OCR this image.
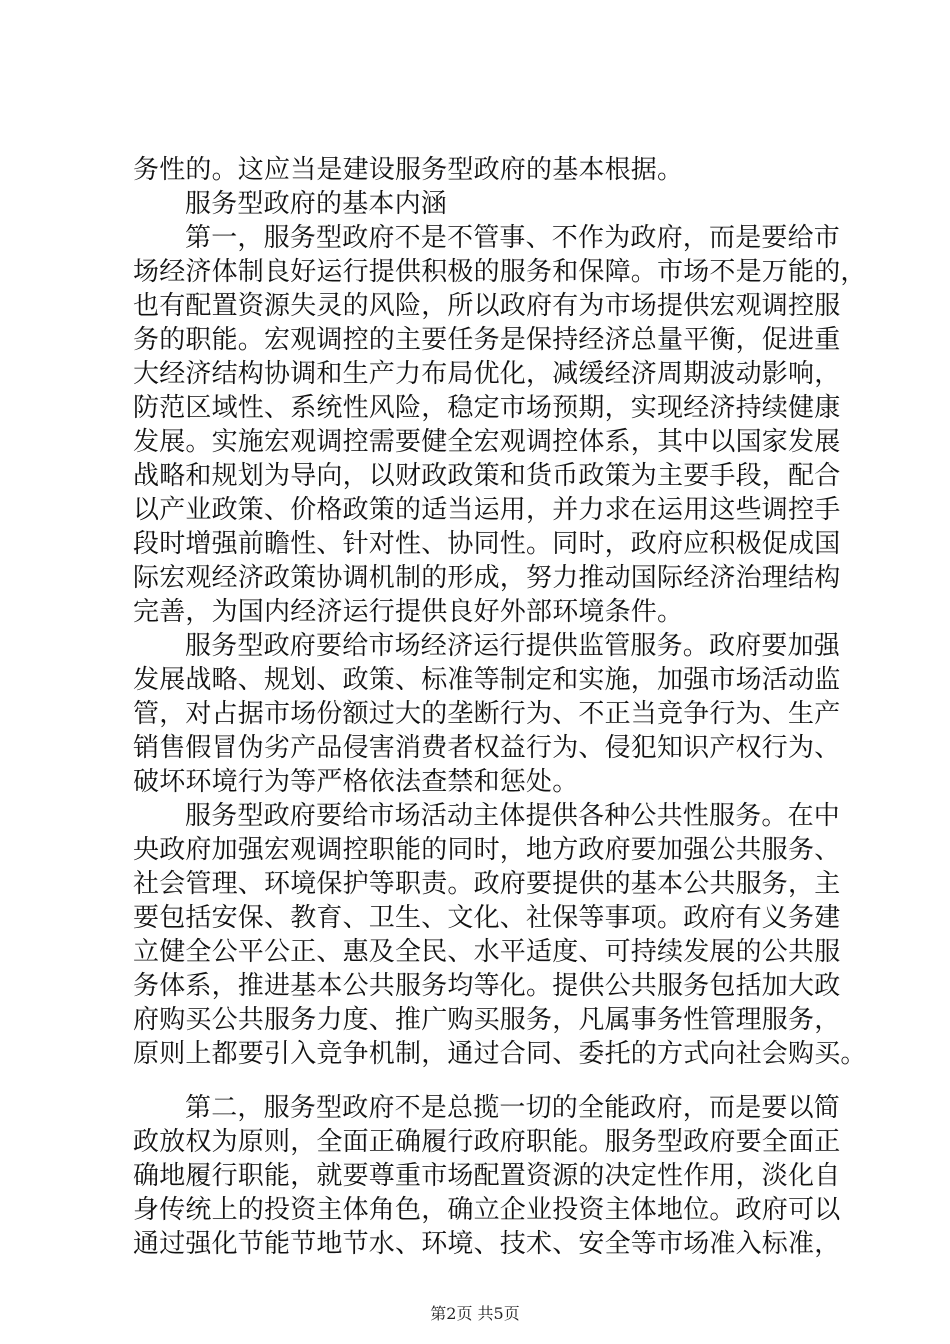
务性的。这应当是建设服务型政府的基本根据。
服务型政府的基本内涵
第一，服务型政府不是不管事、不作为政府，而是要给市
场经济体制良好运行提供积极的服务和保障。市场不是万能的，
也有配置资源失灵的风险，所以政府有为市场提供宏观调控服
务的职能。宏观调控的主要任务是保持经济总量平衡，促进重
大经济结构协调和生产力布局优化，减缓经济周期波动影响，
防范区域性、系统性风险，稳定市场预期，实现经济持续健康
发展。实施宏观调控需要健全宏观调控体系，其中以国家发展
战略和规划为导向，以财政政策和货币政策为主要手段，配合
以产业政策、价格政策的适当运用，并力求在运用这些调控手
段时增强前瞻性、针对性、协同性。同时，政府应积极促成国
际宏观经济政策协调机制的形成，努力推动国际经济治理结构
完善，为国内经济运行提供良好外部环境条件。
服务型政府要给市场经济运行提供监管服务。政府要加强
发展战略、规划、政策、标准等制定和实施，加强市场活动监
管，对占据市场份额过大的垄断行为、不正当竞争行为、生产
销售假冒伪劣产品侵害消费者权益行为、侵犯知识产权行为、
破坏环境行为等严格依法查禁和惩处。
服务型政府要给市场活动主体提供各种公共性服务。在中
央政府加强宏观调控职能的同时，地方政府要加强公共服务、
社会管理、环境保护等职责。政府要提供的基本公共服务，主
要包括安保、教育、卫生、文化、社保等事项。政府有义务建
立健全公平公正、惠及全民、水平适度、可持续发展的公共服
务体系，推进基本公共服务均等化。提供公共服务包括加大政
府购买公共服务力度、推广购买服务，凡属事务性管理服务，
原则上都要引入竞争机制，通过合同、委托的方式向社会购买。
第二，服务型政府不是总揽一切的全能政府，而是要以简
政放权为原则，全面正确履行政府职能。服务型政府要全面正
确地履行职能，就要尊重市场配置资源的决定性作用，淡化自
身传统上的投资主体角色，确立企业投资主体地位。政府可以
通过强化节能节地节水、环境、技术、安全等市场准入标准，
第2页 共5页
